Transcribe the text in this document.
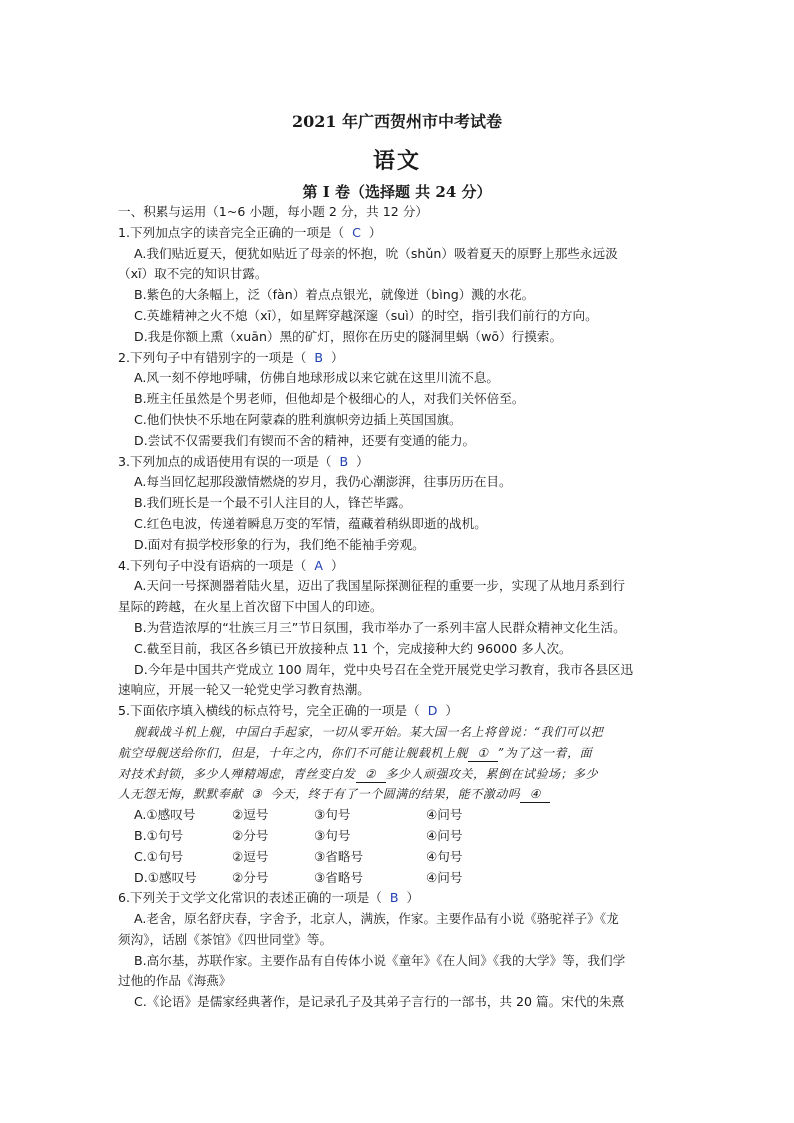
2021 年广西贺州市中考试卷
语文
第 I 卷（选择题 共 24 分）
一、积累与运用（1~6 小题，每小题 2 分，共 12 分）
1.下列加点字的读音完全正确的一项是（ C ）
A.我们贴近夏天，便犹如贴近了母亲的怀抱，吮（shǔn）吸着夏天的原野上那些永远汲
（xī）取不完的知识甘露。
B.紫色的大条幅上，泛（fàn）着点点银光，就像迸（bìng）溅的水花。
C.英雄精神之火不熄（xī），如星辉穿越深邃（suì）的时空，指引我们前行的方向。
D.我是你额上熏（xuān）黑的矿灯，照你在历史的隧洞里蜗（wō）行摸索。
2.下列句子中有错别字的一项是（ B ）
A.风一刻不停地呼啸，仿佛自地球形成以来它就在这里川流不息。
B.班主任虽然是个男老师，但他却是个极细心的人，对我们关怀倍至。
C.他们快快不乐地在阿蒙森的胜利旗帜旁边插上英国国旗。
D.尝试不仅需要我们有锲而不舍的精神，还要有变通的能力。
3.下列加点的成语使用有误的一项是（ B ）
A.每当回忆起那段激情燃烧的岁月，我仍心潮澎湃，往事历历在目。
B.我们班长是一个最不引人注目的人，锋芒毕露。
C.红色电波，传递着瞬息万变的军情，蕴藏着稍纵即逝的战机。
D.面对有损学校形象的行为，我们绝不能袖手旁观。
4.下列句子中没有语病的一项是（ A ）
A.天问一号探测器着陆火星，迈出了我国星际探测征程的重要一步，实现了从地月系到行
星际的跨越，在火星上首次留下中国人的印迹。
B.为营造浓厚的“壮族三月三”节日氛围，我市举办了一系列丰富人民群众精神文化生活。
C.截至目前，我区各乡镇已开放接种点 11 个，完成接种大约 96000 多人次。
D.今年是中国共产党成立 100 周年，党中央号召在全党开展党史学习教育，我市各县区迅
速响应，开展一轮又一轮党史学习教育热潮。
5.下面依序填入横线的标点符号，完全正确的一项是（ D ）
舰载战斗机上舰，中国白手起家，一切从零开始。某大国一名上将曾说：“我们可以把
航空母舰送给你们，但是，十年之内，你们不可能让舰载机上舰 ① ”为了这一着，面
对技术封锁，多少人殚精竭虑，青丝变白发 ② 多少人顽强攻关，累倒在试验场；多少
人无怨无悔，默默奉献 ③ 今天，终于有了一个圆满的结果，能不激动吗 ④
A.①感叹号	②逗号	③句号	④问号
B.①句号	②分号	③句号	④问号
C.①句号	②逗号	③省略号	④句号
D.①感叹号	②分号	③省略号	④问号
6.下列关于文学文化常识的表述正确的一项是（ B ）
A.老舍，原名舒庆春，字舍予，北京人，满族，作家。主要作品有小说《骆驼祥子》《龙
须沟》，话剧《茶馆》《四世同堂》等。
B.高尔基，苏联作家。主要作品有自传体小说《童年》《在人间》《我的大学》等，我们学
过他的作品《海燕》
C.《论语》是儒家经典著作，是记录孔子及其弟子言行的一部书，共 20 篇。宋代的朱熹
